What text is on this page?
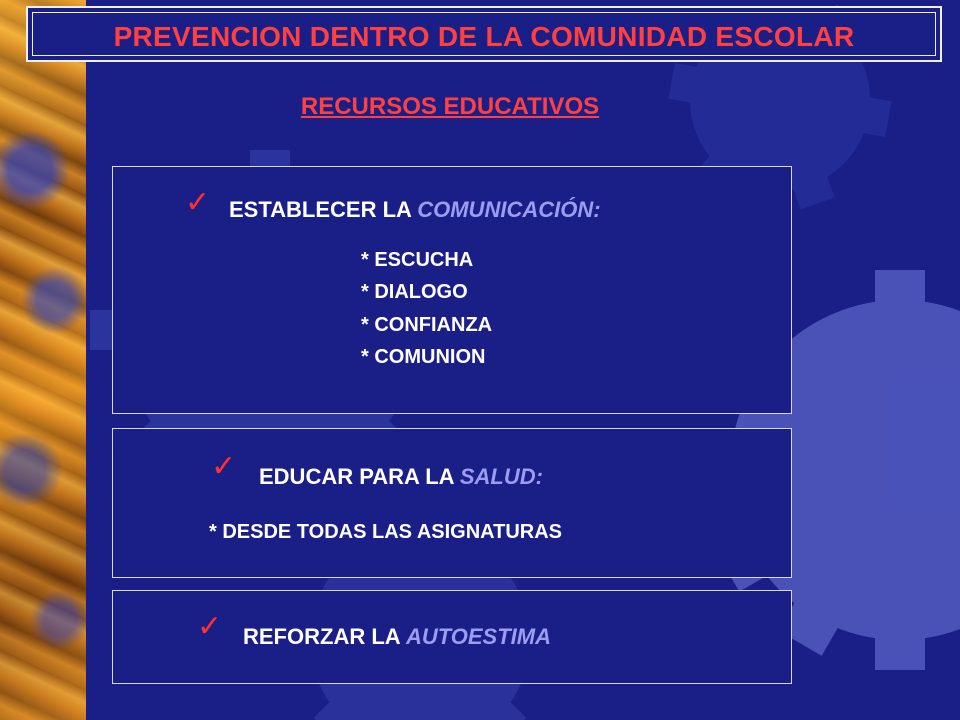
PREVENCION DENTRO DE LA COMUNIDAD ESCOLAR
RECURSOS EDUCATIVOS
✓ ESTABLECER LA COMUNICACIÓN:
* ESCUCHA
* DIALOGO
* CONFIANZA
* COMUNION
✓ EDUCAR PARA LA SALUD:
* DESDE TODAS LAS ASIGNATURAS
✓ REFORZAR LA AUTOESTIMA
